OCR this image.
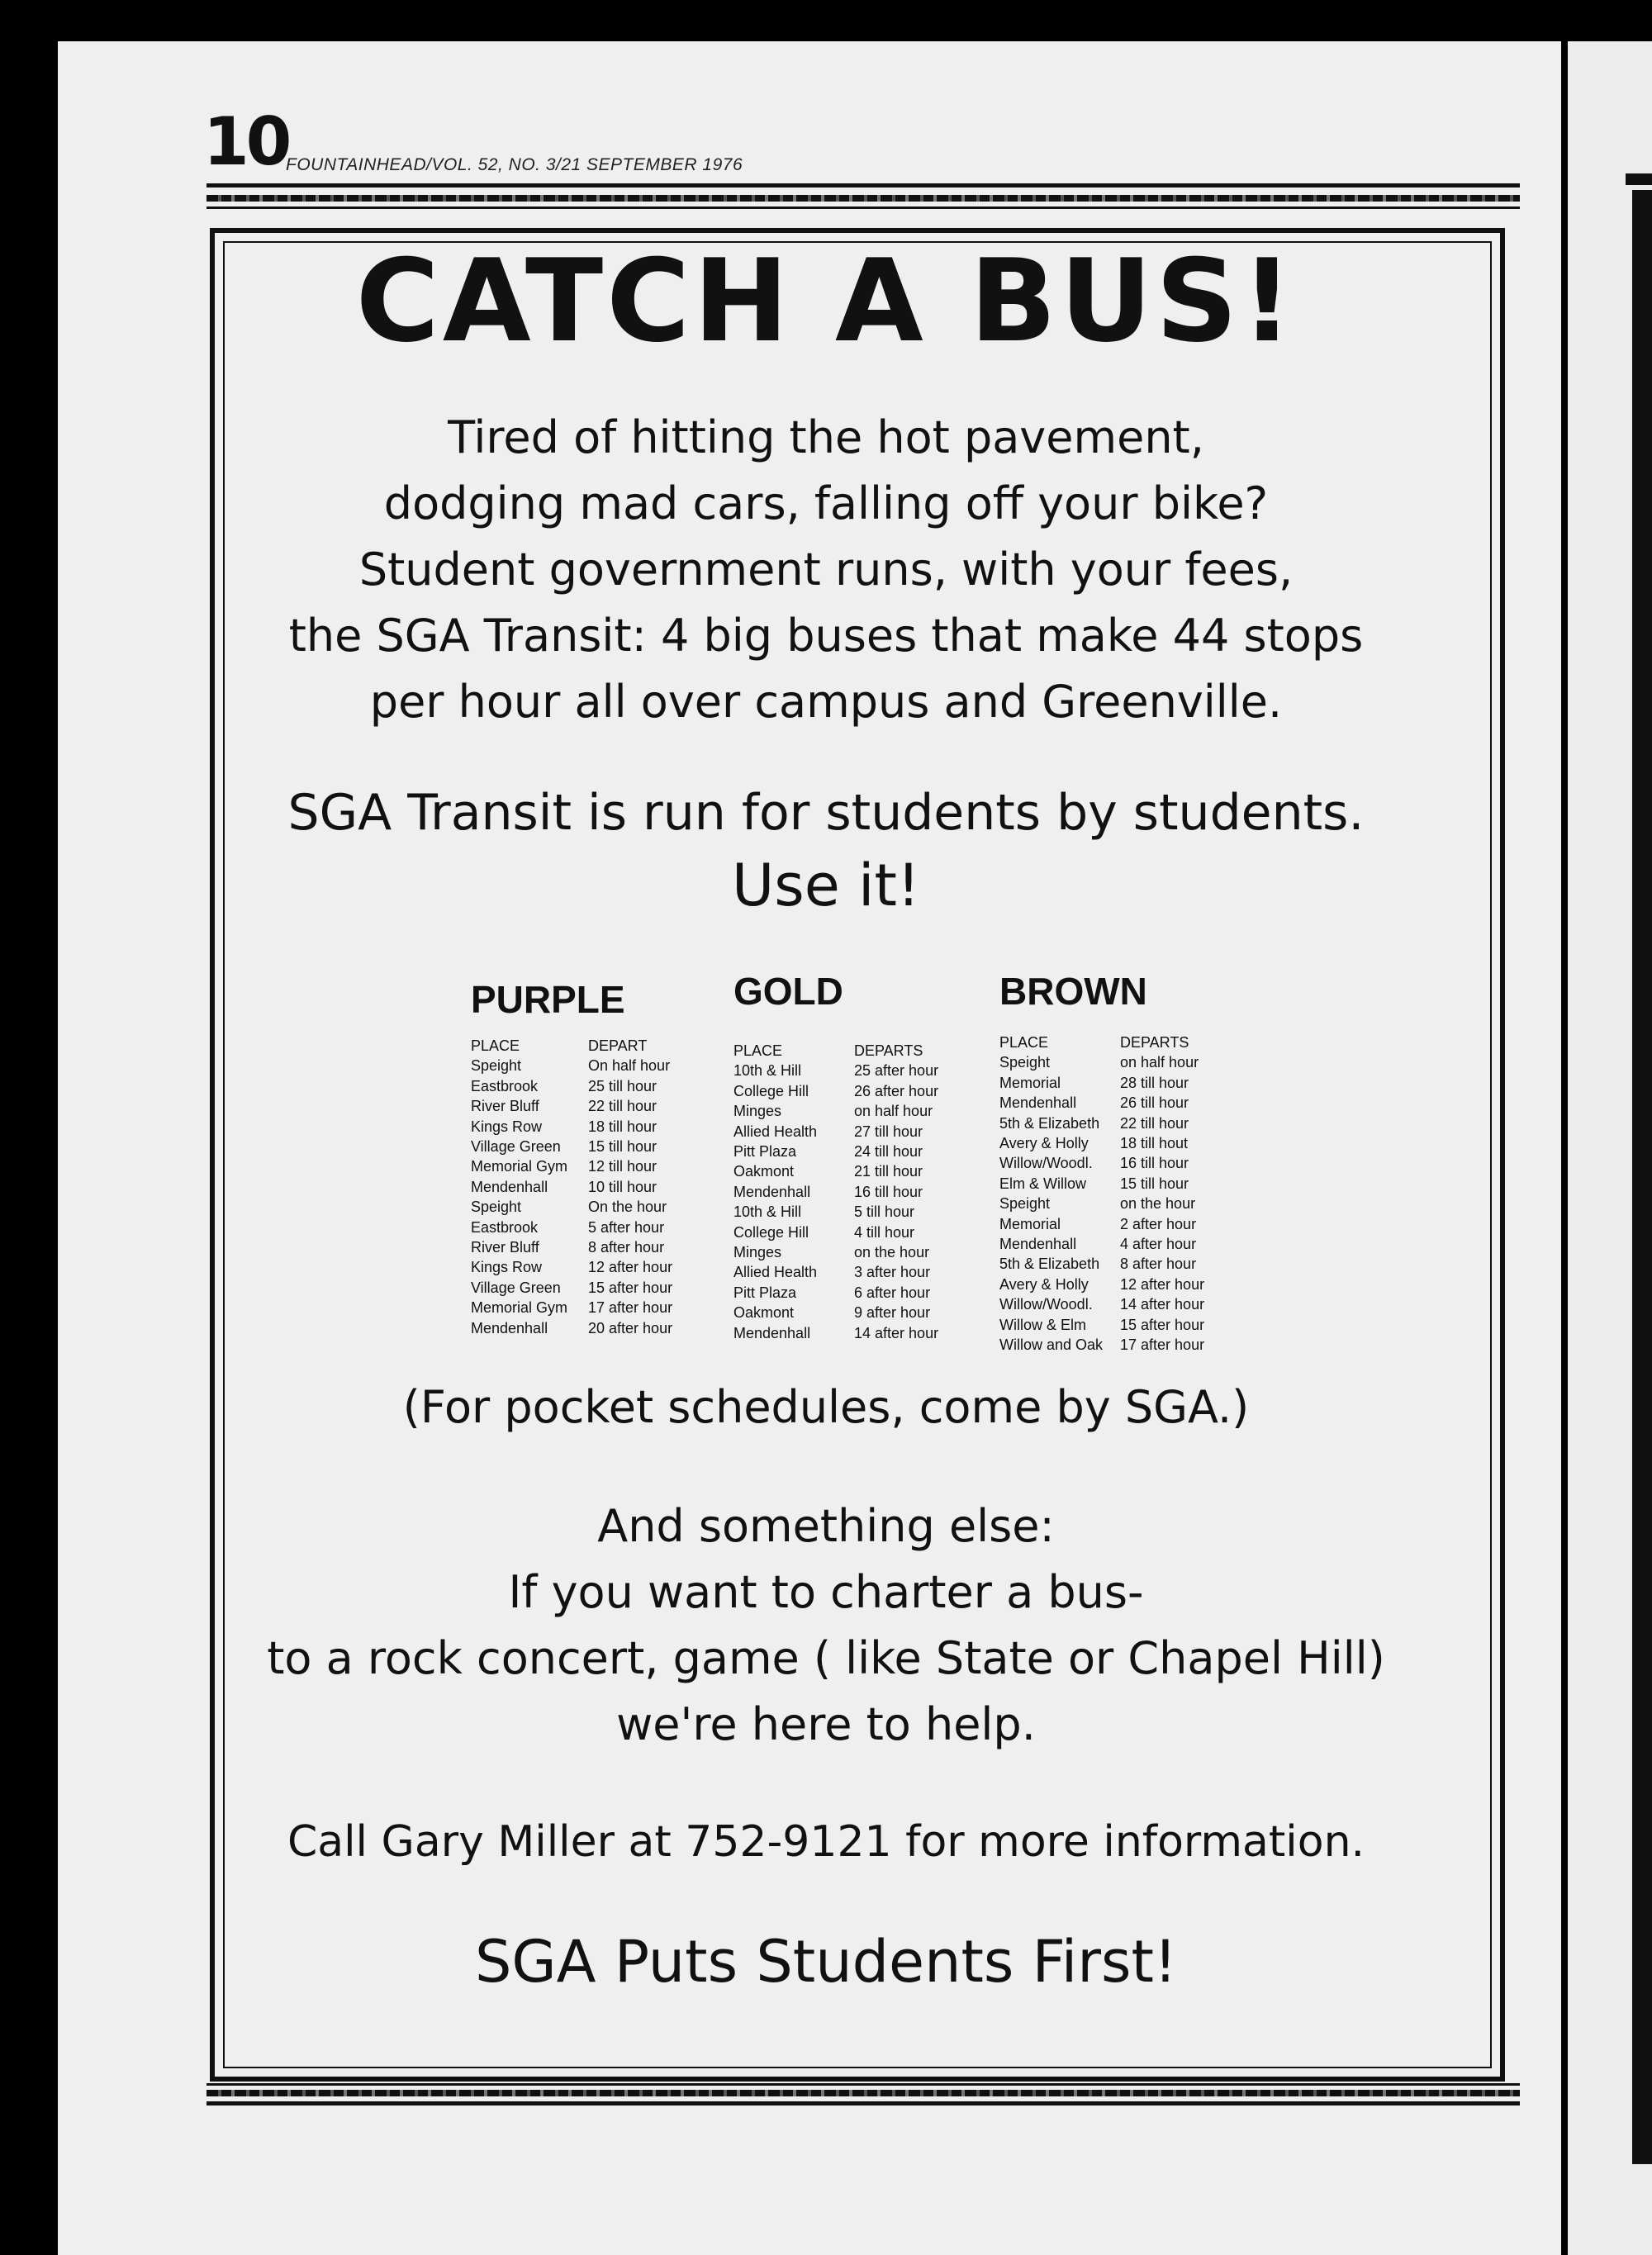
10
FOUNTAINHEAD/VOL. 52, NO. 3/21 SEPTEMBER 1976
CATCH A BUS!
Tired of hitting the hot pavement,
dodging mad cars, falling off your bike?
Student government runs, with your fees,
the SGA Transit: 4 big buses that make 44 stops
per hour all over campus and Greenville.
SGA Transit is run for students by students.
Use it!
PURPLE
PLACE
Speight
Eastbrook
River Bluff
Kings Row
Village Green
Memorial Gym
Mendenhall
Speight
Eastbrook
River Bluff
Kings Row
Village Green
Memorial Gym
Mendenhall
DEPART
On half hour
25 till hour
22 till hour
18 till hour
15 till hour
12 till hour
10 till hour
On the hour
5 after hour
8 after hour
12 after hour
15 after hour
17 after hour
20 after hour
GOLD
PLACE
10th & Hill
College Hill
Minges
Allied Health
Pitt Plaza
Oakmont
Mendenhall
10th & Hill
College Hill
Minges
Allied Health
Pitt Plaza
Oakmont
Mendenhall
DEPARTS
25 after hour
26 after hour
on half hour
27 till hour
24 till hour
21 till hour
16 till hour
5 till hour
4 till hour
on the hour
3 after hour
6 after hour
9 after hour
14 after hour
BROWN
PLACE
Speight
Memorial
Mendenhall
5th & Elizabeth
Avery & Holly
Willow/Woodl.
Elm & Willow
Speight
Memorial
Mendenhall
5th & Elizabeth
Avery & Holly
Willow/Woodl.
Willow & Elm
Willow and Oak
DEPARTS
on half hour
28 till hour
26 till hour
22 till hour
18 till hout
16 till hour
15 till hour
on the hour
2 after hour
4 after hour
8 after hour
12 after hour
14 after hour
15 after hour
17 after hour
(For pocket schedules, come by SGA.)
And something else:
If you want to charter a bus-
to a rock concert, game ( like State or Chapel Hill)
we're here to help.
Call Gary Miller at 752-9121 for more information.
SGA Puts Students First!
